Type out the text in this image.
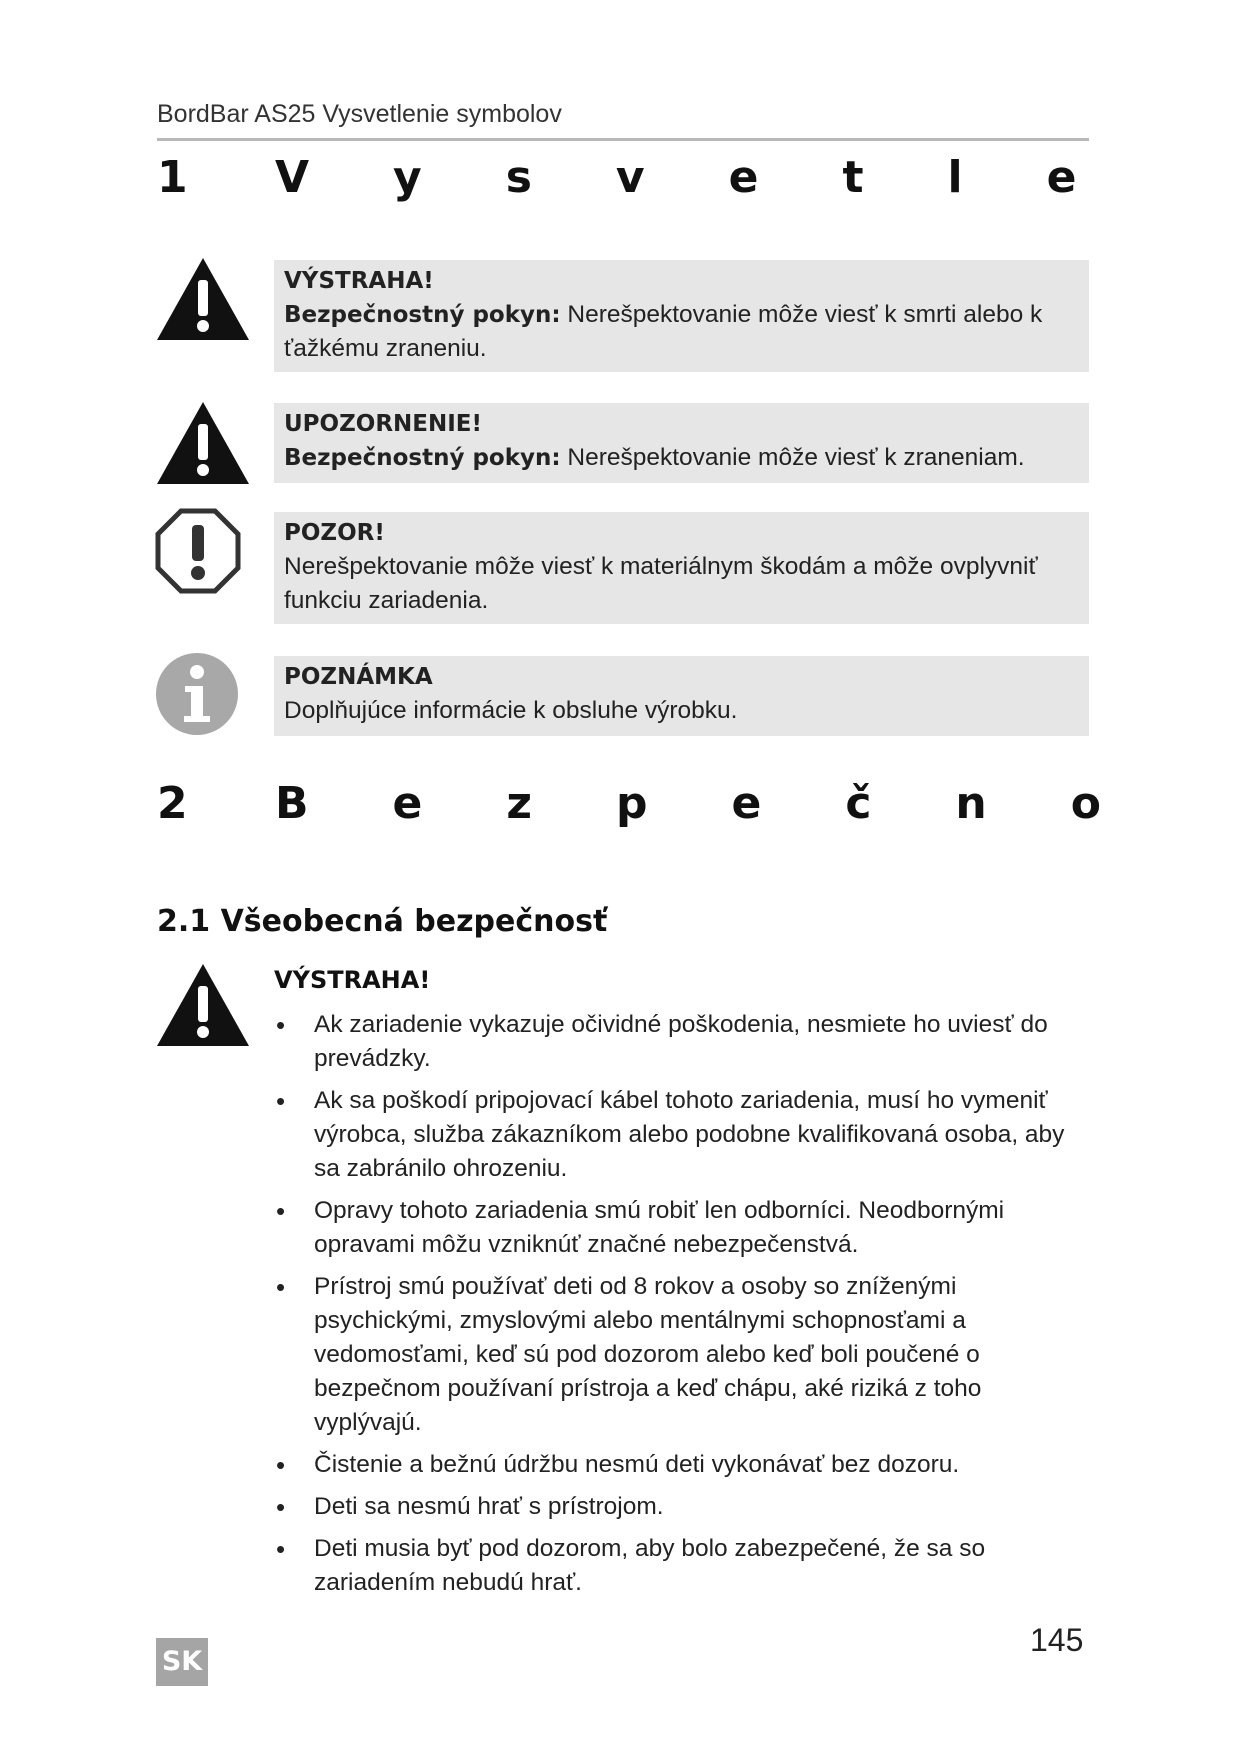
BordBar AS25 Vysvetlenie symbolov
1 Vysvetle
VÝSTRAHA!
Bezpečnostný pokyn: Nerešpektovanie môže viesť k smrti alebo k ťažkému zraneniu.
UPOZORNENIE!
Bezpečnostný pokyn: Nerešpektovanie môže viesť k zraneniam.
POZOR!
Nerešpektovanie môže viesť k materiálnym škodám a môže ovplyvniť funkciu zariadenia.
POZNÁMKA
Doplňujúce informácie k obsluhe výrobku.
2 Bezpečno
2.1 Všeobecná bezpečnosť
VÝSTRAHA!
• Ak zariadenie vykazuje očividné poškodenia, nesmiete ho uviesť do prevádzky.
• Ak sa poškodí pripojovací kábel tohoto zariadenia, musí ho vymeniť výrobca, služba zákazníkom alebo podobne kvalifikovaná osoba, aby sa zabránilo ohrozeniu.
• Opravy tohoto zariadenia smú robiť len odborníci. Neodbornými opravami môžu vzniknúť značné nebezpečenstvá.
• Prístroj smú používať deti od 8 rokov a osoby so zníženými psychickými, zmyslovými alebo mentálnymi schopnosťami a vedomosťami, keď sú pod dozorom alebo keď boli poučené o bezpečnom používaní prístroja a keď chápu, aké riziká z toho vyplývajú.
• Čistenie a bežnú údržbu nesmú deti vykonávať bez dozoru.
• Deti sa nesmú hrať s prístrojom.
• Deti musia byť pod dozorom, aby bolo zabezpečené, že sa so zariadením nebudú hrať.
SK
145
